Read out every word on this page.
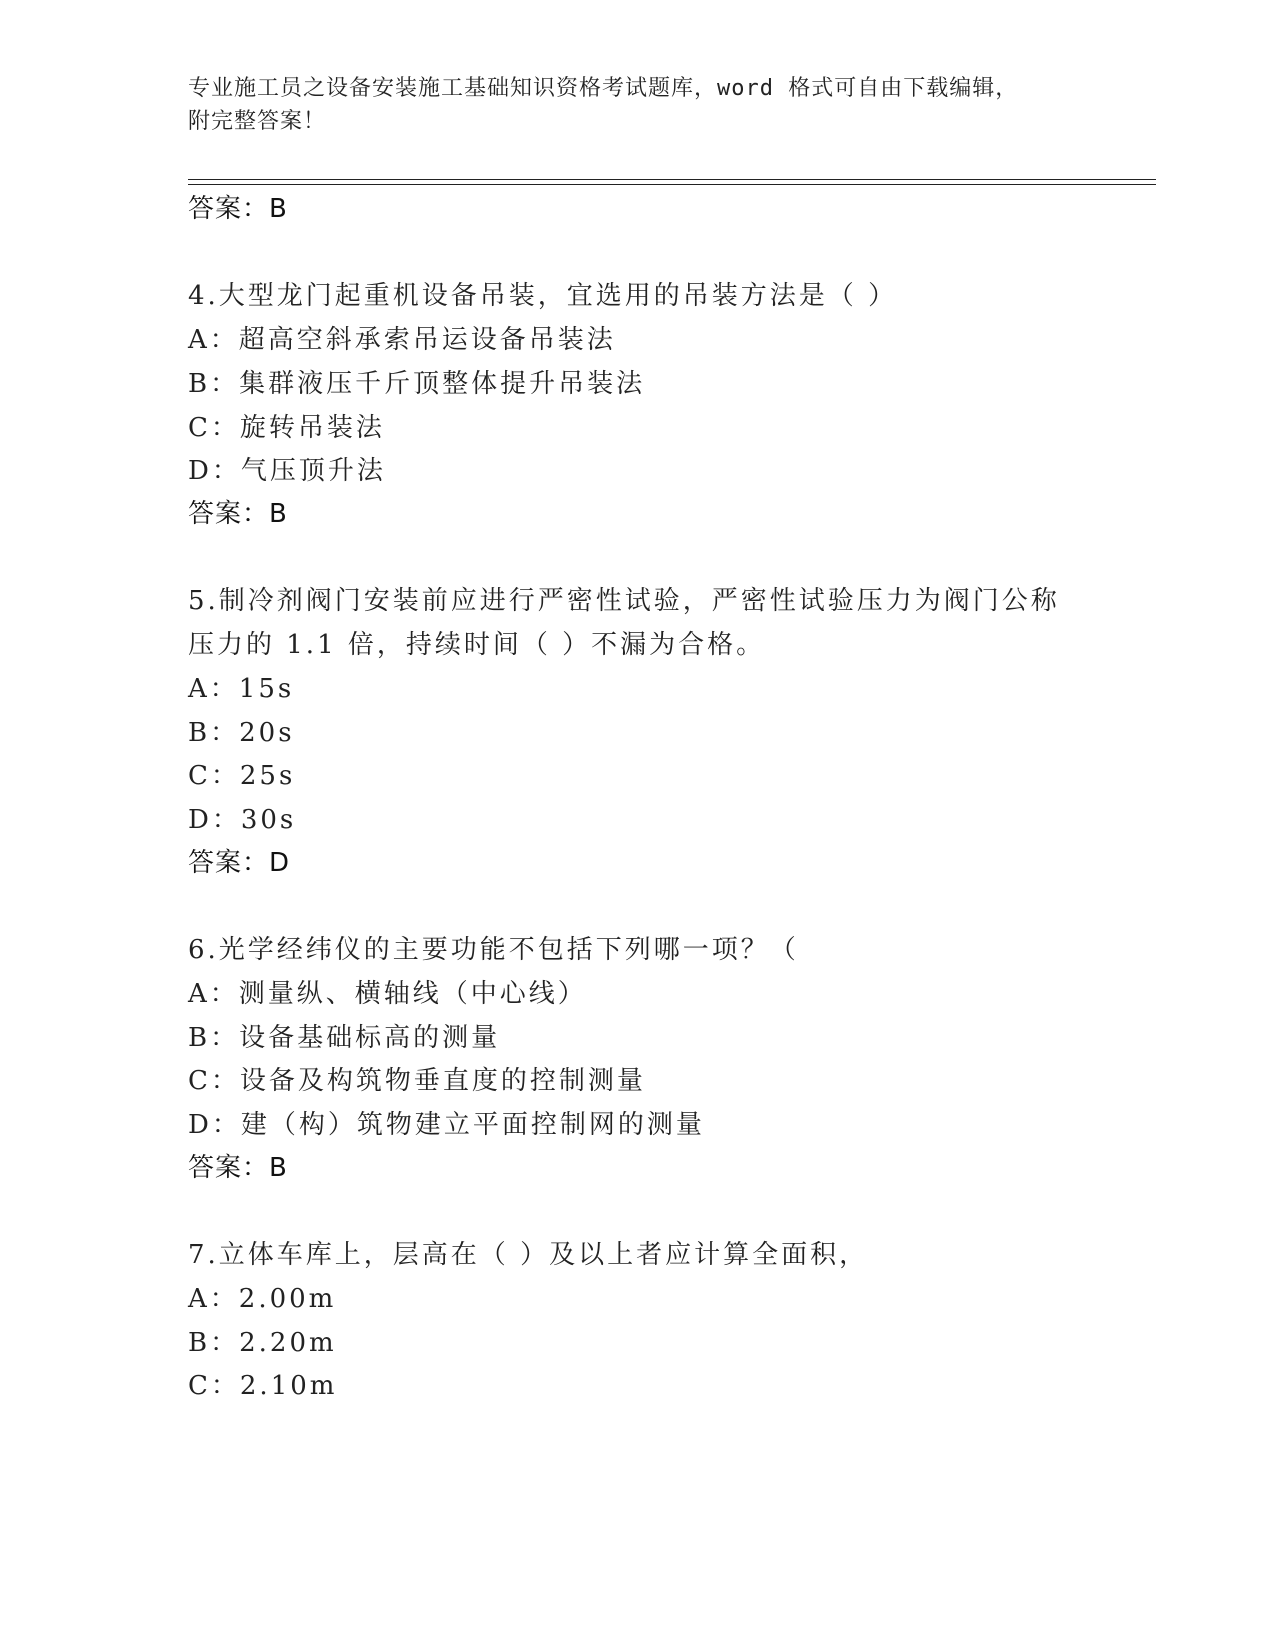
专业施工员之设备安装施工基础知识资格考试题库，word 格式可自由下载编辑，
附完整答案！
答案：B
4.大型龙门起重机设备吊装，宜选用的吊装方法是（ ）
A：超高空斜承索吊运设备吊装法
B：集群液压千斤顶整体提升吊装法
C：旋转吊装法
D：气压顶升法
答案：B
5.制冷剂阀门安装前应进行严密性试验，严密性试验压力为阀门公称
压力的 1.1 倍，持续时间（ ）不漏为合格。
A：15s
B：20s
C：25s
D：30s
答案：D
6.光学经纬仪的主要功能不包括下列哪一项？（
A：测量纵、横轴线（中心线）
B：设备基础标高的测量
C：设备及构筑物垂直度的控制测量
D：建（构）筑物建立平面控制网的测量
答案：B
7.立体车库上，层高在（ ）及以上者应计算全面积，
A：2.00m
B：2.20m
C：2.10m
